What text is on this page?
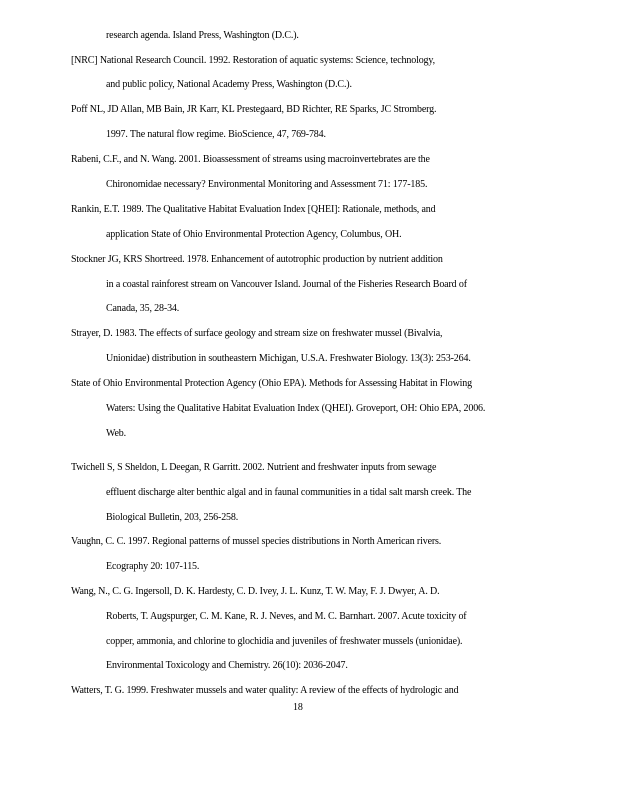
research agenda. Island Press, Washington (D.C.).
[NRC] National Research Council. 1992. Restoration of aquatic systems: Science, technology,
and public policy, National Academy Press, Washington (D.C.).
Poff NL, JD Allan, MB Bain, JR Karr, KL Prestegaard, BD Richter, RE Sparks, JC Stromberg.
1997. The natural flow regime. BioScience, 47, 769-784.
Rabeni, C.F., and N. Wang. 2001. Bioassessment of streams using macroinvertebrates are the
Chironomidae necessary? Environmental Monitoring and Assessment 71: 177-185.
Rankin, E.T. 1989. The Qualitative Habitat Evaluation Index [QHEI]: Rationale, methods, and
application State of Ohio Environmental Protection Agency, Columbus, OH.
Stockner JG, KRS Shortreed. 1978. Enhancement of autotrophic production by nutrient addition
in a coastal rainforest stream on Vancouver Island. Journal of the Fisheries Research Board of
Canada, 35, 28-34.
Strayer, D. 1983. The effects of surface geology and stream size on freshwater mussel (Bivalvia,
Unionidae) distribution in southeastern Michigan, U.S.A. Freshwater Biology. 13(3): 253-264.
State of Ohio Environmental Protection Agency (Ohio EPA). Methods for Assessing Habitat in Flowing
Waters: Using the Qualitative Habitat Evaluation Index (QHEI). Groveport, OH: Ohio EPA, 2006.
Web.
Twichell S, S Sheldon, L Deegan, R Garritt. 2002. Nutrient and freshwater inputs from sewage
effluent discharge alter benthic algal and in faunal communities in a tidal salt marsh creek. The
Biological Bulletin, 203, 256-258.
Vaughn, C. C. 1997. Regional patterns of mussel species distributions in North American rivers.
Ecography 20: 107-115.
Wang, N., C. G. Ingersoll, D. K. Hardesty, C. D. Ivey, J. L. Kunz, T. W. May, F. J. Dwyer, A. D.
Roberts, T. Augspurger, C. M. Kane, R. J. Neves, and M. C. Barnhart. 2007. Acute toxicity of
copper, ammonia, and chlorine to glochidia and juveniles of freshwater mussels (unionidae).
Environmental Toxicology and Chemistry. 26(10): 2036-2047.
Watters, T. G. 1999. Freshwater mussels and water quality: A review of the effects of hydrologic and
18
